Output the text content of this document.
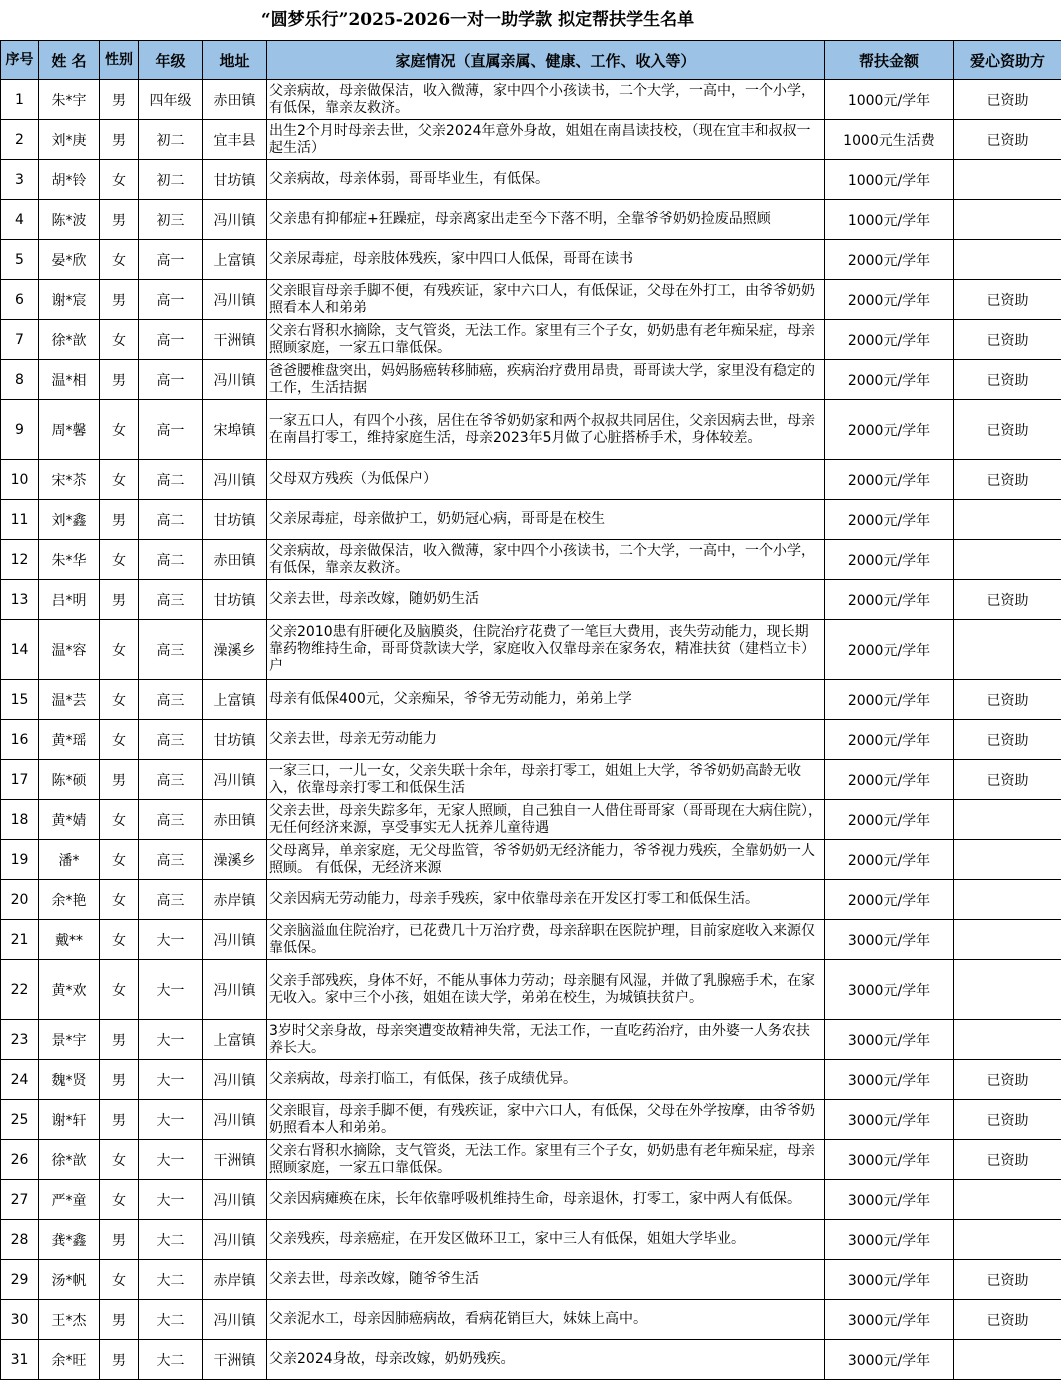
“圆梦乐行”2025-2026一对一助学款 拟定帮扶学生名单
序号	姓 名	性别	年级	地址	家庭情况（直属亲属、健康、工作、收入等）	帮扶金额	爱心资助方
1	朱*宇	男	四年级	赤田镇	父亲病故，母亲做保洁，收入微薄，家中四个小孩读书，二个大学，一高中，一个小学，有低保，靠亲友救济。	1000元/学年	已资助
2	刘*庚	男	初二	宜丰县	出生2个月时母亲去世，父亲2024年意外身故，姐姐在南昌读技校，（现在宜丰和叔叔一起生活）	1000元生活费	已资助
3	胡*铃	女	初二	甘坊镇	父亲病故，母亲体弱，哥哥毕业生，有低保。	1000元/学年	
4	陈*波	男	初三	冯川镇	父亲患有抑郁症+狂躁症，母亲离家出走至今下落不明，全靠爷爷奶奶捡废品照顾	1000元/学年	
5	晏*欣	女	高一	上富镇	父亲尿毒症，母亲肢体残疾，家中四口人低保，哥哥在读书	2000元/学年	
6	谢*宸	男	高一	冯川镇	父亲眼盲母亲手脚不便，有残疾证，家中六口人，有低保证，父母在外打工，由爷爷奶奶照看本人和弟弟	2000元/学年	已资助
7	徐*歆	女	高一	干洲镇	父亲右肾积水摘除，支气管炎，无法工作。家里有三个子女，奶奶患有老年痴呆症，母亲照顾家庭，一家五口靠低保。	2000元/学年	已资助
8	温*相	男	高一	冯川镇	爸爸腰椎盘突出，妈妈肠癌转移肺癌，疾病治疗费用昂贵，哥哥读大学，家里没有稳定的工作，生活拮据	2000元/学年	已资助
9	周*馨	女	高一	宋埠镇	一家五口人，有四个小孩，居住在爷爷奶奶家和两个叔叔共同居住，父亲因病去世，母亲在南昌打零工，维持家庭生活，母亲2023年5月做了心脏搭桥手术，身体较差。	2000元/学年	已资助
10	宋*苶	女	高二	冯川镇	父母双方残疾（为低保户）	2000元/学年	已资助
11	刘*鑫	男	高二	甘坊镇	父亲尿毒症，母亲做护工，奶奶冠心病，哥哥是在校生	2000元/学年	
12	朱*华	女	高二	赤田镇	父亲病故，母亲做保洁，收入微薄，家中四个小孩读书，二个大学，一高中，一个小学，有低保，靠亲友救济。	2000元/学年	
13	吕*明	男	高三	甘坊镇	父亲去世，母亲改嫁，随奶奶生活	2000元/学年	已资助
14	温*容	女	高三	澡溪乡	父亲2010患有肝硬化及脑膜炎，住院治疗花费了一笔巨大费用，丧失劳动能力，现长期靠药物维持生命，哥哥贷款读大学，家庭收入仅靠母亲在家务农，精准扶贫（建档立卡）户	2000元/学年	
15	温*芸	女	高三	上富镇	母亲有低保400元，父亲痴呆，爷爷无劳动能力，弟弟上学	2000元/学年	已资助
16	黄*瑶	女	高三	甘坊镇	父亲去世，母亲无劳动能力	2000元/学年	已资助
17	陈*硕	男	高三	冯川镇	一家三口，一儿一女，父亲失联十余年，母亲打零工，姐姐上大学，爷爷奶奶高龄无收入，依靠母亲打零工和低保生活	2000元/学年	已资助
18	黄*婧	女	高三	赤田镇	父亲去世，母亲失踪多年，无家人照顾，自己独自一人借住哥哥家（哥哥现在大病住院），无任何经济来源，享受事实无人抚养儿童待遇	2000元/学年	
19	潘*	女	高三	澡溪乡	父母离异，单亲家庭，无父母监管，爷爷奶奶无经济能力，爷爷视力残疾，全靠奶奶一人照顾。 有低保，无经济来源	2000元/学年	
20	余*艳	女	高三	赤岸镇	父亲因病无劳动能力，母亲手残疾，家中依靠母亲在开发区打零工和低保生活。	2000元/学年	
21	戴**	女	大一	冯川镇	父亲脑溢血住院治疗，已花费几十万治疗费，母亲辞职在医院护理，目前家庭收入来源仅靠低保。	3000元/学年	
22	黄*欢	女	大一	冯川镇	父亲手部残疾，身体不好，不能从事体力劳动；母亲腿有风湿，并做了乳腺癌手术，在家无收入。家中三个小孩，姐姐在读大学，弟弟在校生，为城镇扶贫户。	3000元/学年	
23	景*宇	男	大一	上富镇	3岁时父亲身故，母亲突遭变故精神失常，无法工作，一直吃药治疗，由外婆一人务农扶养长大。	3000元/学年	
24	魏*贤	男	大一	冯川镇	父亲病故，母亲打临工，有低保，孩子成绩优异。	3000元/学年	已资助
25	谢*轩	男	大一	冯川镇	父亲眼盲，母亲手脚不便，有残疾证，家中六口人，有低保，父母在外学按摩，由爷爷奶奶照看本人和弟弟。	3000元/学年	已资助
26	徐*歆	女	大一	干洲镇	父亲右肾积水摘除，支气管炎，无法工作。家里有三个子女，奶奶患有老年痴呆症，母亲照顾家庭，一家五口靠低保。	3000元/学年	已资助
27	严*童	女	大一	冯川镇	父亲因病瘫痪在床，长年依靠呼吸机维持生命，母亲退休，打零工，家中两人有低保。	3000元/学年	
28	龚*鑫	男	大二	冯川镇	父亲残疾，母亲癌症，在开发区做环卫工，家中三人有低保，姐姐大学毕业。	3000元/学年	
29	汤*帆	女	大二	赤岸镇	父亲去世，母亲改嫁，随爷爷生活	3000元/学年	已资助
30	王*杰	男	大二	冯川镇	父亲泥水工，母亲因肺癌病故，看病花销巨大，妹妹上高中。	3000元/学年	已资助
31	余*旺	男	大二	干洲镇	父亲2024身故，母亲改嫁，奶奶残疾。	3000元/学年	
